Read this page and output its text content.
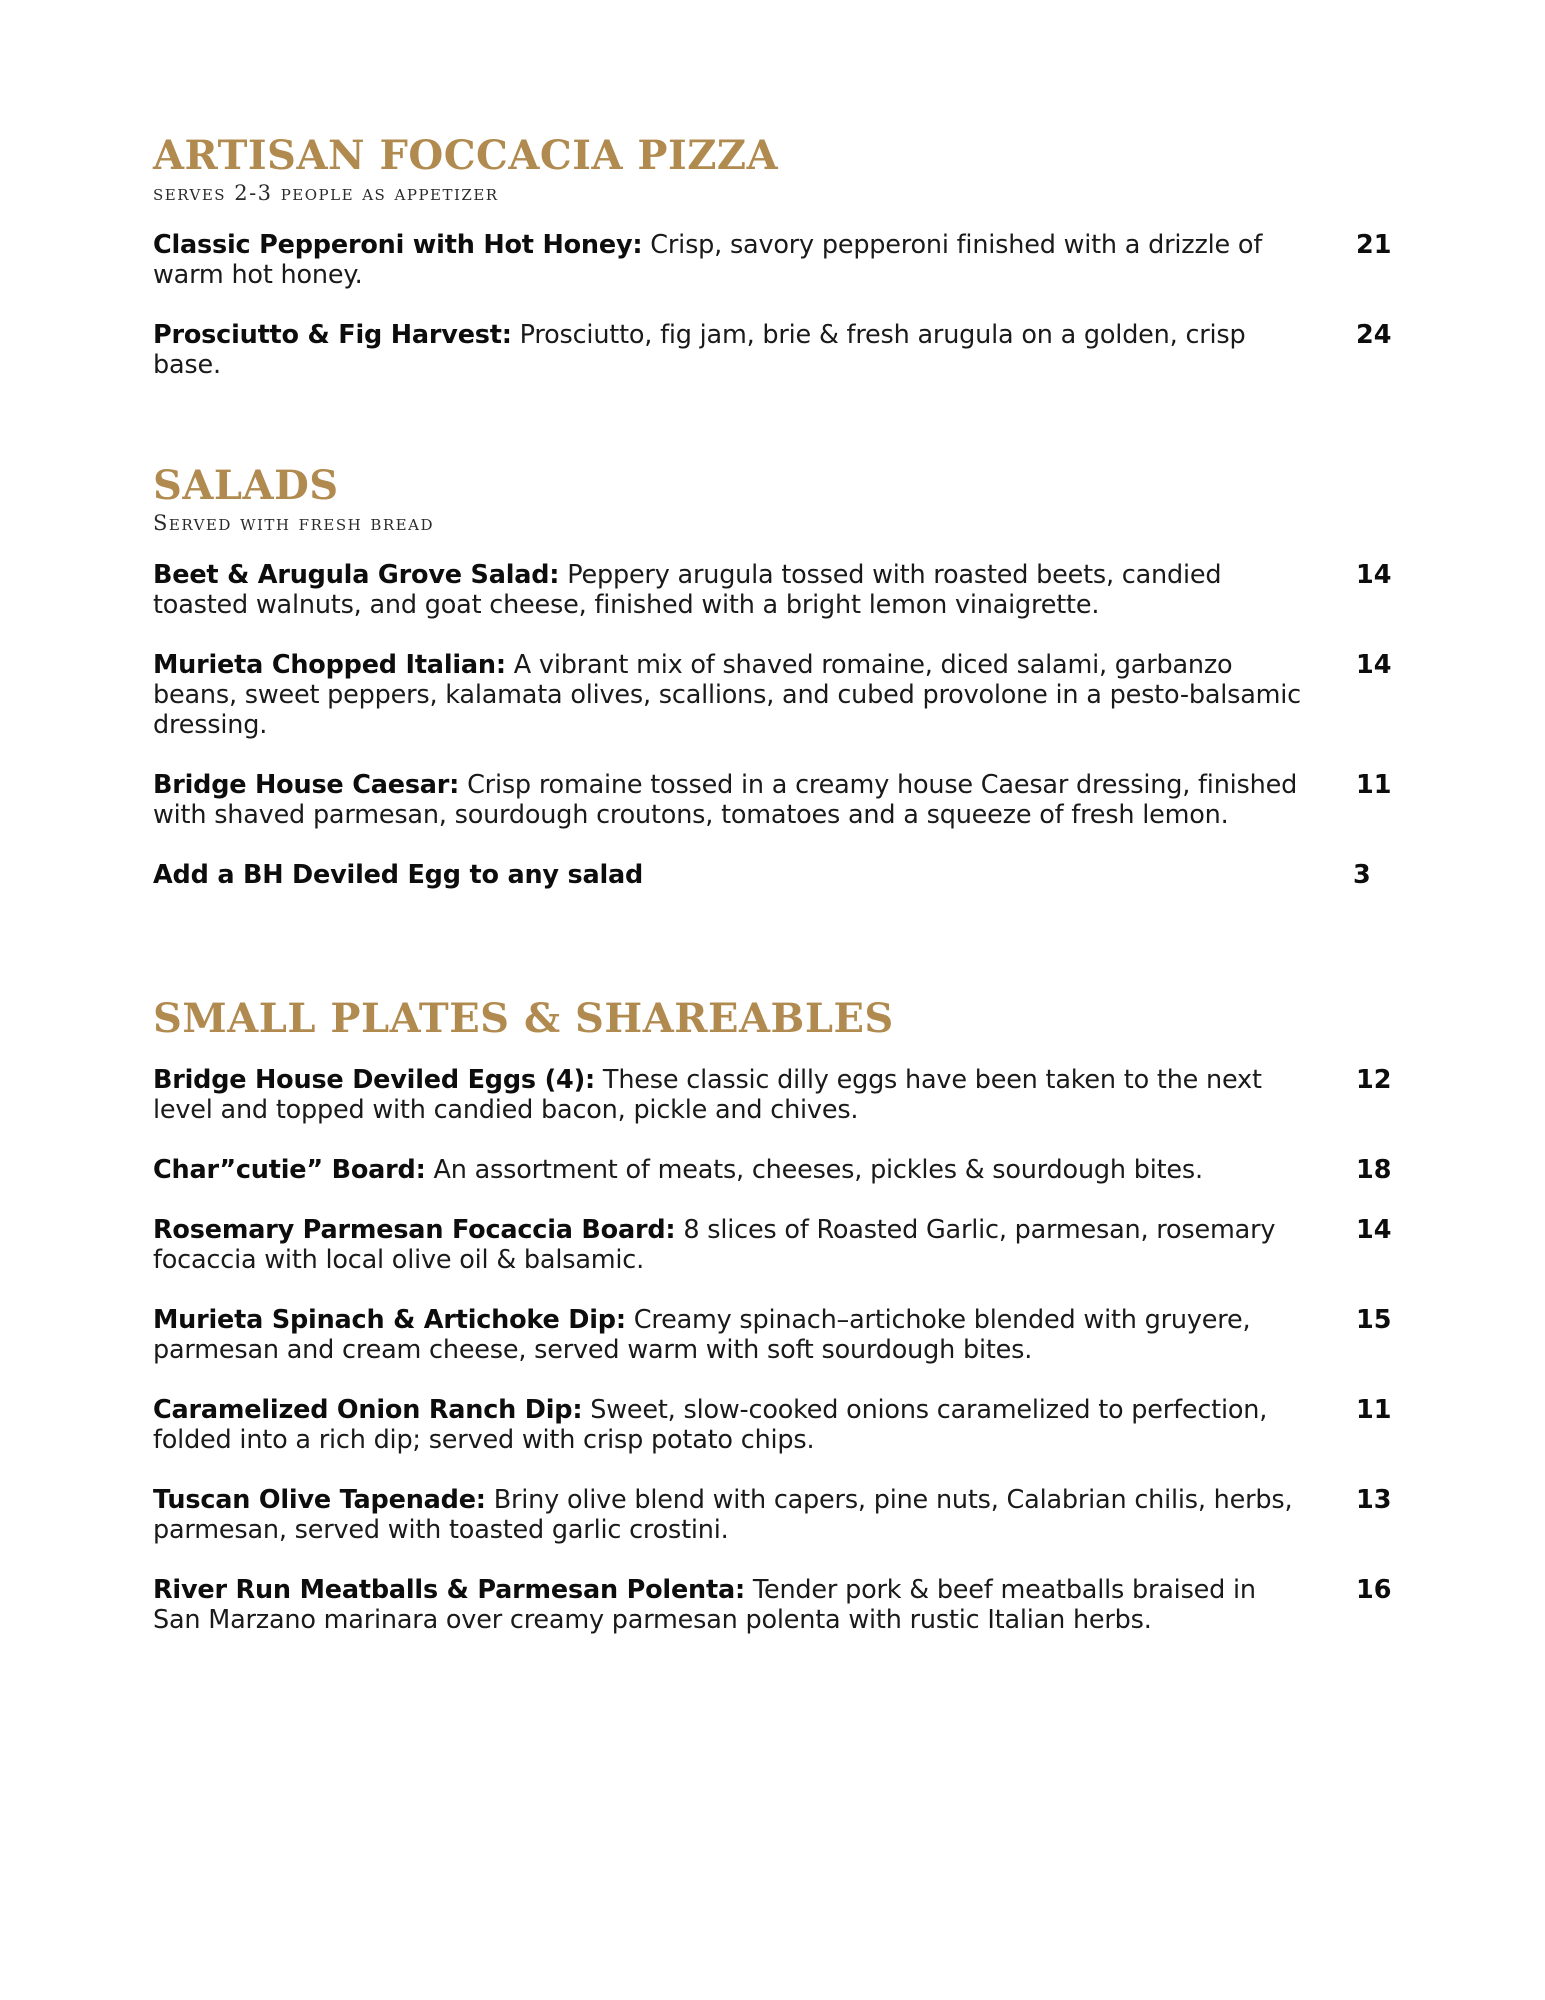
ARTISAN FOCCACIA PIZZA
serves 2-3 people as appetizer
Classic Pepperoni with Hot Honey: Crisp, savory pepperoni finished with a drizzle of warm hot honey.
21
Prosciutto & Fig Harvest: Prosciutto, fig jam, brie & fresh arugula on a golden, crisp base.
24
SALADS
Served with fresh bread
Beet & Arugula Grove Salad: Peppery arugula tossed with roasted beets, candied toasted walnuts, and goat cheese, finished with a bright lemon vinaigrette.
14
Murieta Chopped Italian: A vibrant mix of shaved romaine, diced salami, garbanzo beans, sweet peppers, kalamata olives, scallions, and cubed provolone in a pesto-balsamic dressing.
14
Bridge House Caesar: Crisp romaine tossed in a creamy house Caesar dressing, finished with shaved parmesan, sourdough croutons, tomatoes and a squeeze of fresh lemon.
11
Add a BH Deviled Egg to any salad	3
SMALL PLATES & SHAREABLES
Bridge House Deviled Eggs (4): These classic dilly eggs have been taken to the next level and topped with candied bacon, pickle and chives.
12
Char”cutie” Board: An assortment of meats, cheeses, pickles & sourdough bites.	18
Rosemary Parmesan Focaccia Board: 8 slices of Roasted Garlic, parmesan, rosemary focaccia with local olive oil & balsamic.
14
Murieta Spinach & Artichoke Dip: Creamy spinach–artichoke blended with gruyere, parmesan and cream cheese, served warm with soft sourdough bites.
15
Caramelized Onion Ranch Dip: Sweet, slow-cooked onions caramelized to perfection, folded into a rich dip; served with crisp potato chips.
11
Tuscan Olive Tapenade: Briny olive blend with capers, pine nuts, Calabrian chilis, herbs, parmesan, served with toasted garlic crostini.
13
River Run Meatballs & Parmesan Polenta: Tender pork & beef meatballs braised in San Marzano marinara over creamy parmesan polenta with rustic Italian herbs.
16
